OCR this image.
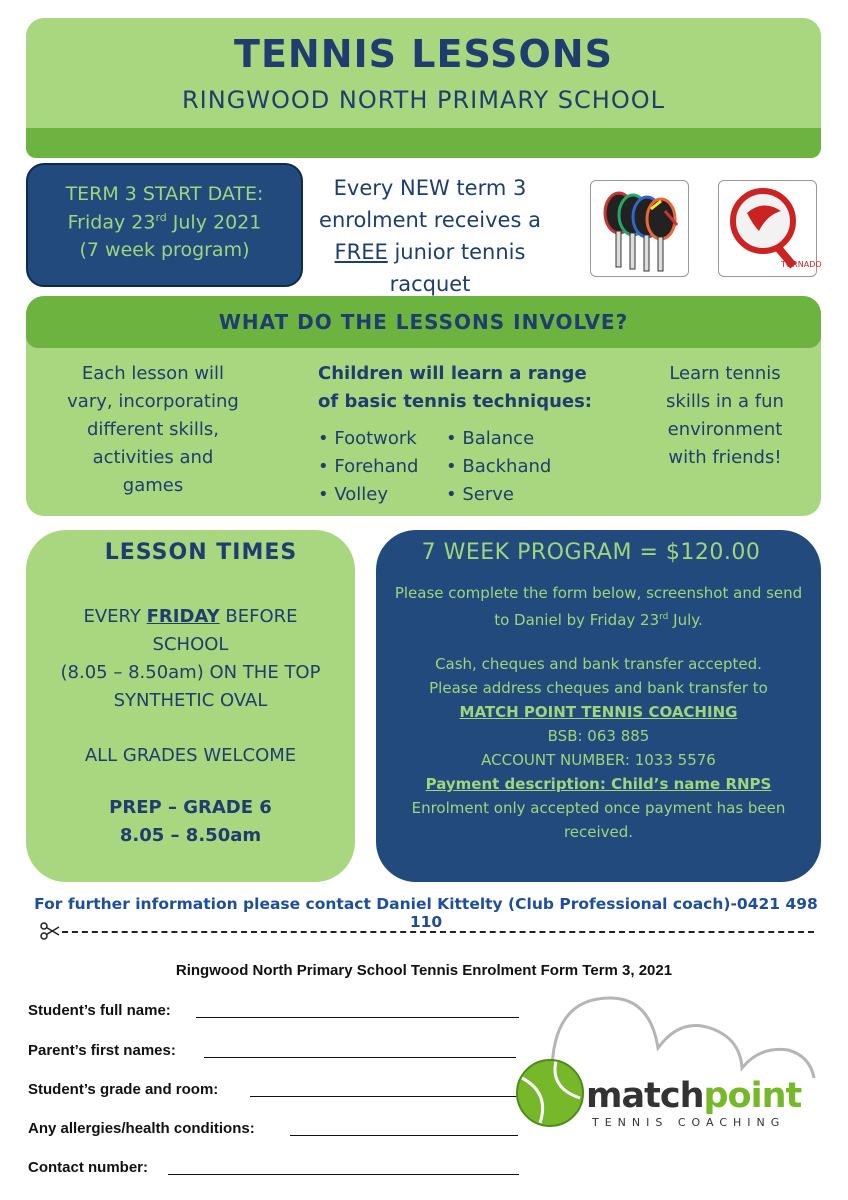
TENNIS LESSONS
RINGWOOD NORTH PRIMARY SCHOOL
TERM 3 START DATE:
Friday 23rd July 2021
(7 week program)
Every NEW term 3
enrolment receives a
FREE junior tennis
racquet
TORNADO
WHAT DO THE LESSONS INVOLVE?
Each lesson will
vary, incorporating
different skills,
activities and
games
Children will learn a range
of basic tennis techniques:
• Footwork
• Forehand
• Volley
• Balance
• Backhand
• Serve
Learn tennis
skills in a fun
environment
with friends!
LESSON TIMES
EVERY FRIDAY BEFORE
SCHOOL
(8.05 – 8.50am) ON THE TOP
SYNTHETIC OVAL
ALL GRADES WELCOME
PREP – GRADE 6
8.05 – 8.50am
7 WEEK PROGRAM = $120.00
Please complete the form below, screenshot and send
to Daniel by Friday 23rd July.
Cash, cheques and bank transfer accepted.
Please address cheques and bank transfer to
MATCH POINT TENNIS COACHING
BSB: 063 885
ACCOUNT NUMBER: 1033 5576
Payment description: Child’s name RNPS
Enrolment only accepted once payment has been
received.
For further information please contact Daniel Kittelty (Club Professional coach)-0421 498 110
Ringwood North Primary School Tennis Enrolment Form Term 3, 2021
Student’s full name:
Parent’s first names:
Student’s grade and room:
Any allergies/health conditions:
Contact number:
matchpoint
TENNIS COACHING
